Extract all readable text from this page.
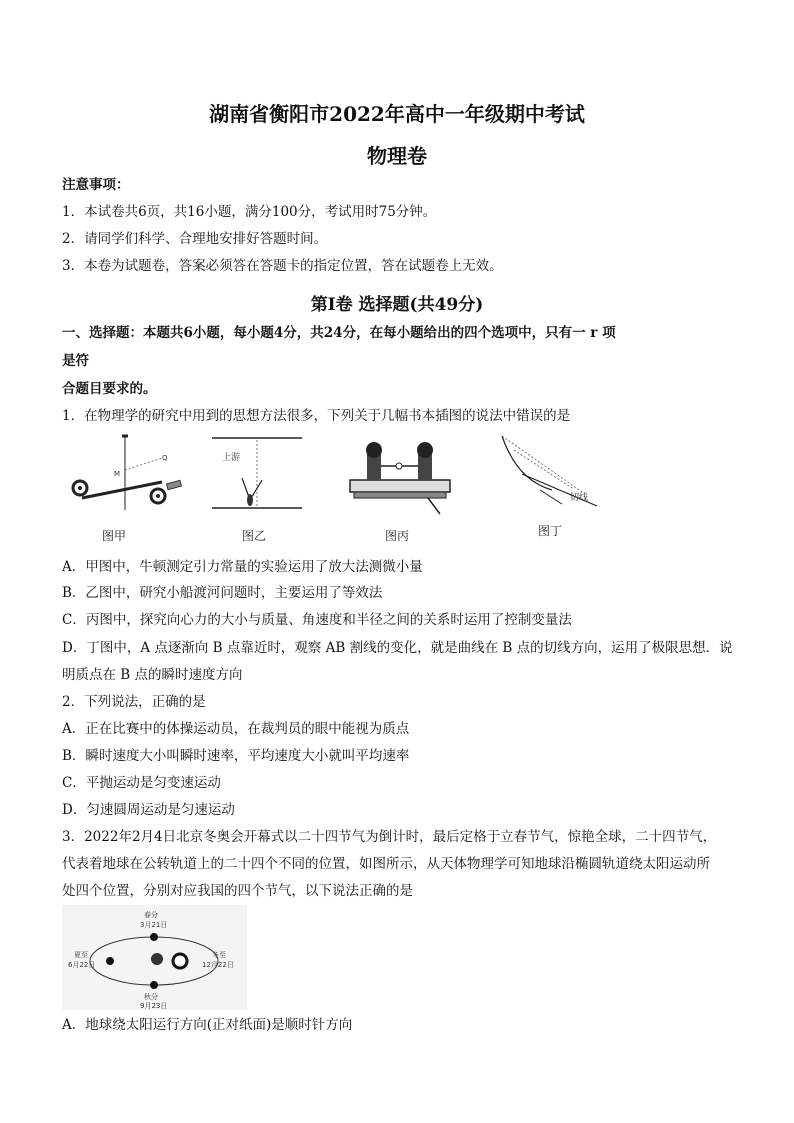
湖南省衡阳市2022年高中一年级期中考试
物理卷
注意事项：
1．本试卷共6页，共16小题，满分100分，考试用时75分钟。
2．请同学们科学、合理地安排好答题时间。
3．本卷为试题卷，答案必须答在答题卡的指定位置，答在试题卷上无效。
第Ⅰ卷 选择题(共49分)
一、选择题：本题共6小题，每小题4分，共24分，在每小题给出的四个选项中，只有一 r 项
是符
合题目要求的。
1．在物理学的研究中用到的思想方法很多，下列关于几幅书本插图的说法中错误的是
M
Q
图甲
上游
图乙	图丙
切线
图丁
A．甲图中，牛顿测定引力常量的实验运用了放大法测微小量
B．乙图中，研究小船渡河问题时，主要运用了等效法
C．丙图中，探究向心力的大小与质量、角速度和半径之间的关系时运用了控制变量法
D．丁图中，A 点逐渐向 B 点靠近时，观察 AB 割线的变化，就是曲线在 B 点的切线方向，运用了极限思想．说
明质点在 B 点的瞬时速度方向
2．下列说法，正确的是
A．正在比赛中的体操运动员，在裁判员的眼中能视为质点
B．瞬时速度大小叫瞬时速率，平均速度大小就叫平均速率
C．平抛运动是匀变速运动
D．匀速圆周运动是匀速运动
3．2022年2月4日北京冬奥会开幕式以二十四节气为倒计时，最后定格于立春节气，惊艳全球，二十四节气，
代表着地球在公转轨道上的二十四个不同的位置，如图所示，从天体物理学可知地球沿椭圆轨道绕太阳运动所
处四个位置，分别对应我国的四个节气，以下说法正确的是
春分
3月21日
冬至
12月22日
夏至
6月22日
秋分
9月23日
A．地球绕太阳运行方向(正对纸面)是顺时针方向
